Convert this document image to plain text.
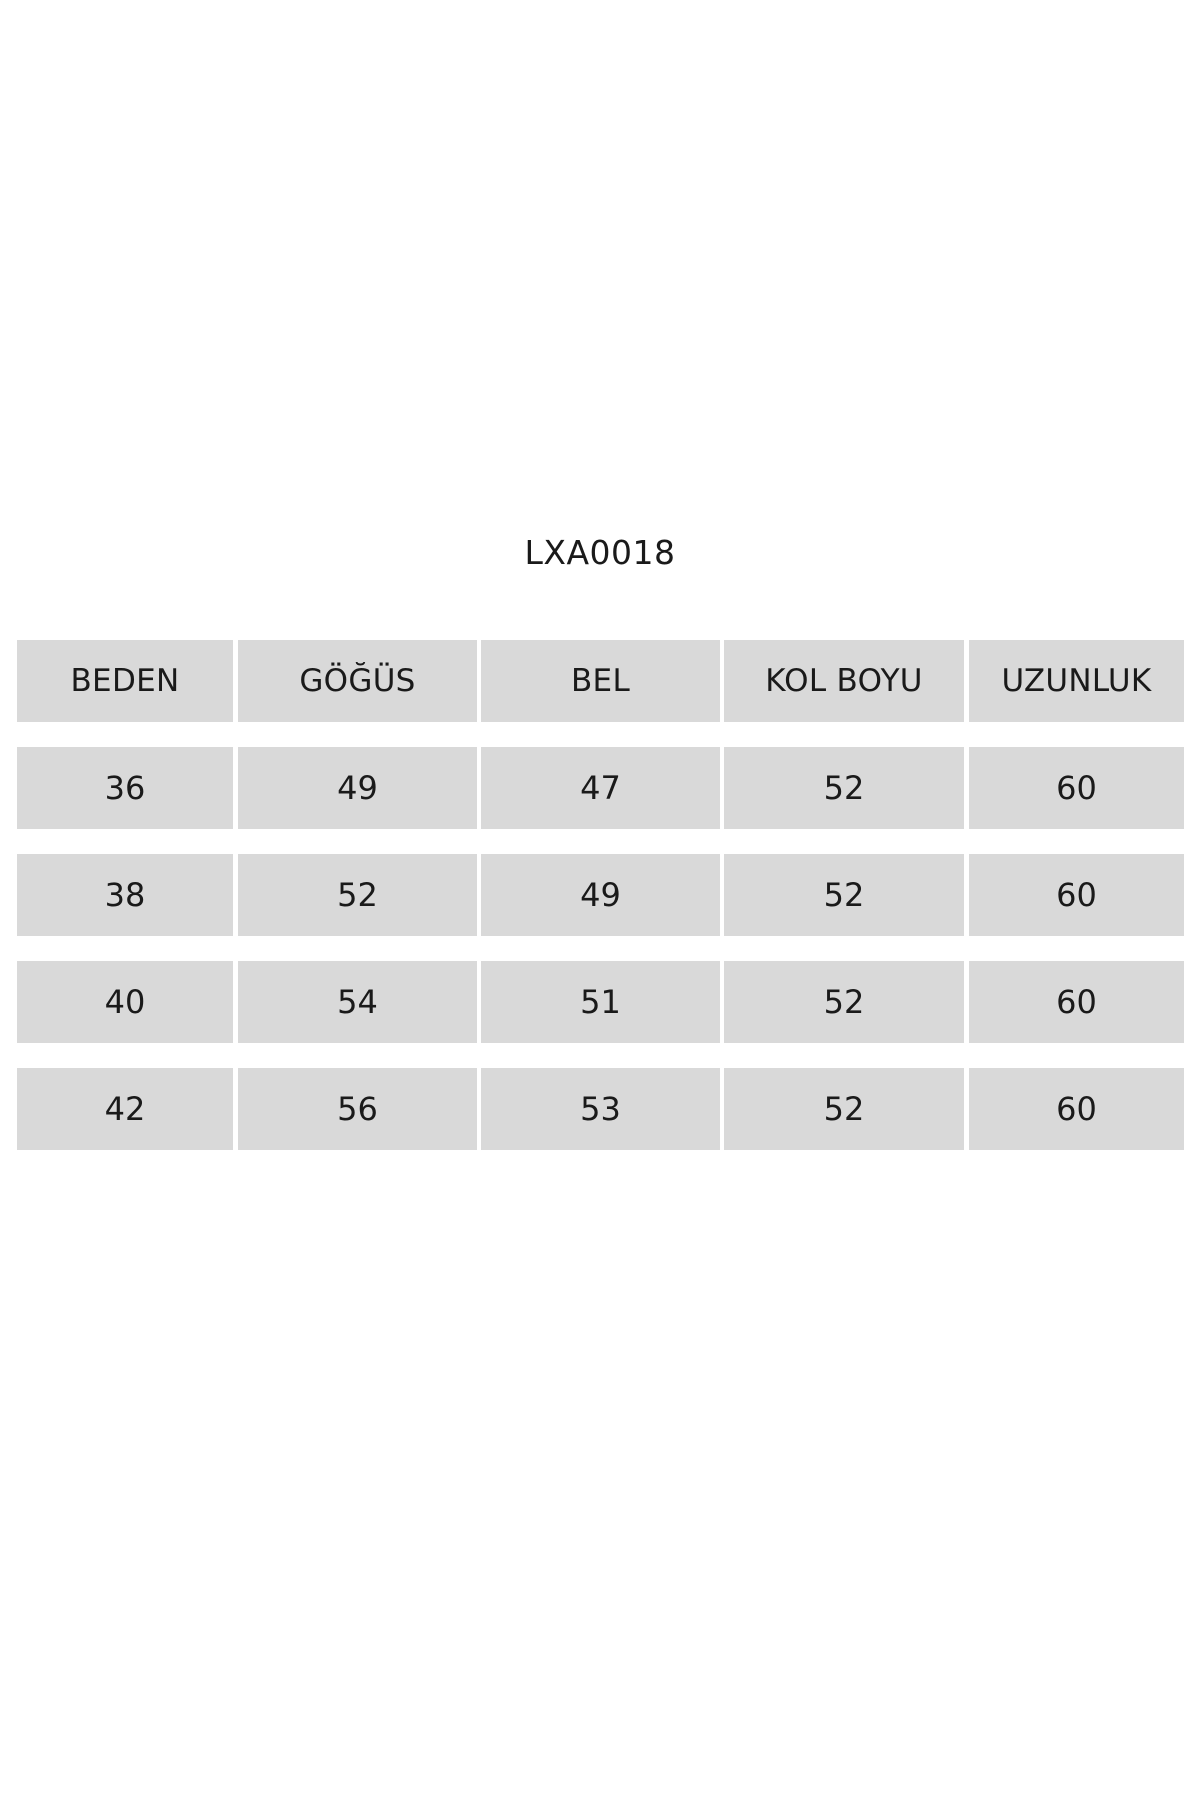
LXA0018
BEDEN	GÖĞÜS	BEL	KOL BOYU	UZUNLUK
36	49	47	52	60
38	52	49	52	60
40	54	51	52	60
42	56	53	52	60
